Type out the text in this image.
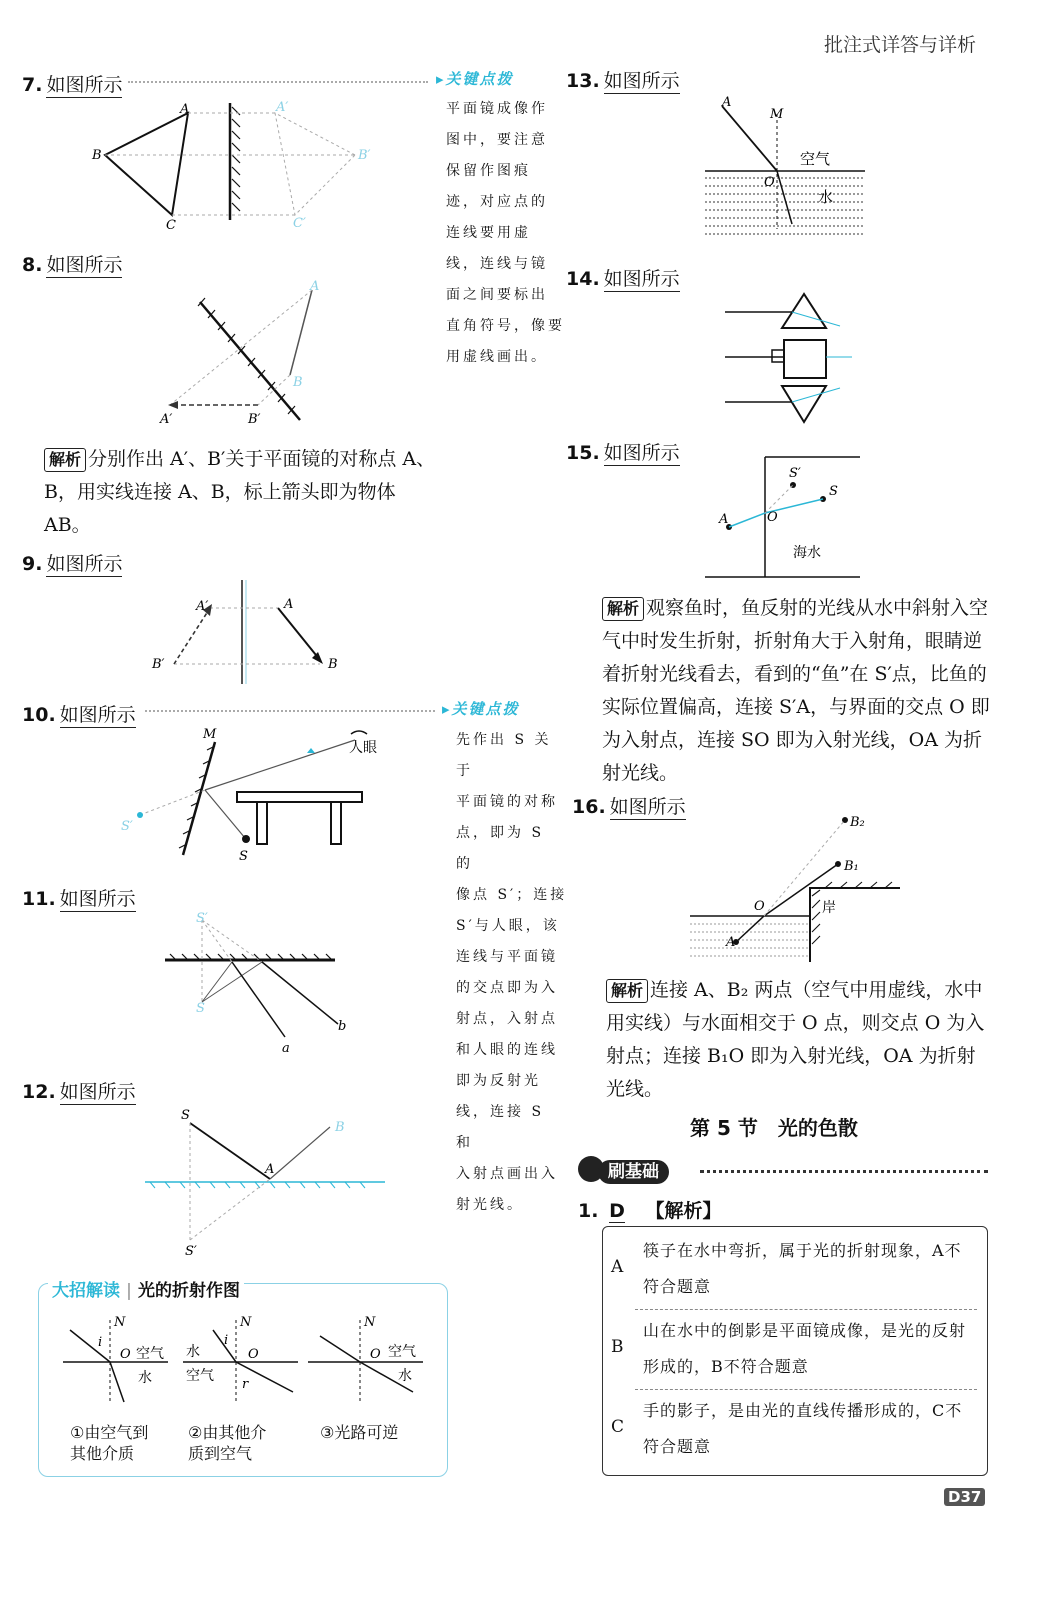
批注式详答与详析
7. 如图所示	▸关键点拨
平面镜成像作
图中，要注意
保留作图痕
迹，对应点的
连线要用虚
线，连线与镜
面之间要标出
直角符号，像要
用虚线画出。
A
B
C
A′
B′
C′
8. 如图所示
A
B
A′	B′
解析 分别作出 A′、B′关于平面镜的对称点 A、B，用实线连接 A、B，标上箭头即为物体 AB。
9. 如图所示
A
B
A′
B′
10. 如图所示	▸关键点拨
先作出 S 关于
平面镜的对称
点，即为 S 的
像点 S′；连接
S′与人眼，该
连线与平面镜
的交点即为入
射点，入射点
和人眼的连线
即为反射光
线，连接 S 和
入射点画出入
射光线。
M
S′
S
人眼
11. 如图所示
S′
S
a
b
12. 如图所示
S
A
B
S′
大招解读 | 光的折射作图
N
O
i
空气
水
N
O
i
r
水
空气
N
O 空气
水
①由空气到
其他介质
②由其他介
质到空气
③光路可逆
13. 如图所示
A
M
O
空气
水
14. 如图所示
15. 如图所示
S′
S
A	O
海水
解析 观察鱼时，鱼反射的光线从水中斜射入空气中时发生折射，折射角大于入射角，眼睛逆着折射光线看去，看到的“鱼”在 S′点，比鱼的实际位置偏高，连接 S′A，与界面的交点 O 即为入射点，连接 SO 即为入射光线，OA 为折射光线。
16. 如图所示
B₂
B₁
O
A
岸
解析 连接 A、B₂ 两点（空气中用虚线，水中用实线）与水面相交于 O 点，则交点 O 为入射点；连接 B₁O 即为入射光线，OA 为折射光线。
第 5 节　光的色散
刷基础
1. D 【解析】
A
筷子在水中弯折，属于光的折射现象，A不符合题意
B
山在水中的倒影是平面镜成像，是光的反射形成的，B不符合题意
C
手的影子，是由光的直线传播形成的，C不符合题意
D37
